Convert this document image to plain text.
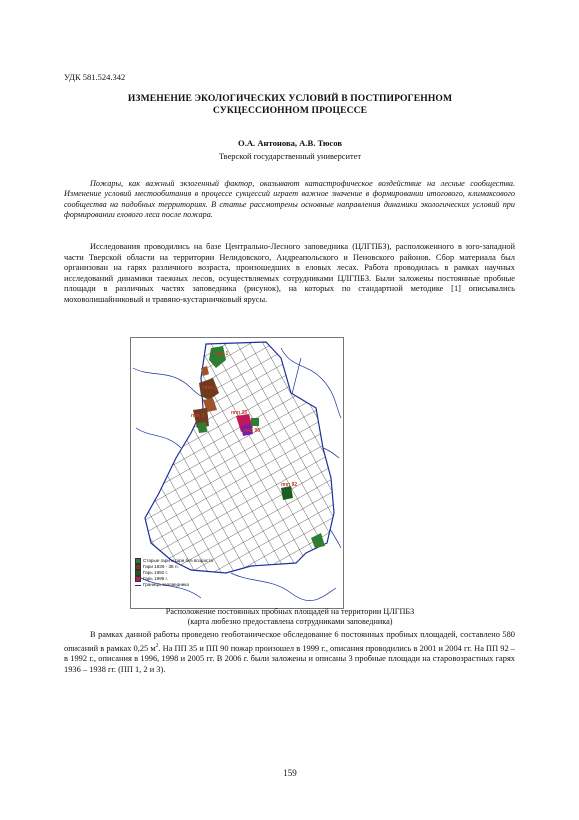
УДК 581.524.342
ИЗМЕНЕНИЕ ЭКОЛОГИЧЕСКИХ УСЛОВИЙ В ПОСТПИРОГЕННОМ
СУКЦЕССИОННОМ ПРОЦЕССЕ
О.А. Антонова, А.В. Тюсов
Тверской государственный университет
Пожары, как важный экзогенный фактор, оказывают катастрофическое воздействие на лесные сообщества. Изменение условий местообитания в процессе сукцессий играет важное значение в формировании итогового, климаксового сообщества на подобных территориях. В статье рассмотрены основные направления динамики экологических условий при формировании елового леса после пожара.
Исследования проводились на базе Центрально-Лесного заповедника (ЦЛГПБЗ), расположенного в юго-западной части Тверской области на территории Нелидовского, Андреапольского и Пеновского районов. Сбор материала был организован на гарях различного возраста, произошедших в еловых лесах. Работа проводилась в рамках научных исследований динамики таежных лесов, осуществляемых сотрудниками ЦЛГПБЗ. Были заложены постоянные пробные площади в различных частях заповедника (рисунок), на которых по стандартной методике [1] описывались моховолишайниковый и травяно-кустарничковый ярусы.
ппп 1
ппп 2
ппп 3	ппп 35
ппп 90
ппп 92
Старые гари и гари без возраста
Гари 1936 - 38 гг.
Гарь 1992 г.
Гарь 1999 г.
Граница заповедника
Расположение постоянных пробных площадей на территории ЦЛГПБЗ
(карта любезно предоставлена сотрудниками заповедника)
В рамках данной работы проведено геоботаническое обследование 6 постоянных пробных площадей, составлено 580 описаний в рамках 0,25 $м^2$. На ПП 35 и ПП 90 пожар произошел в 1999 г., описания проводились в 2001 и 2004 гг. На ПП 92 – в 1992 г., описания в 1996, 1998 и 2005 гг. В 2006 г. были заложены и описаны 3 пробные площади на старовозрастных гарях 1936 – 1938 гг. (ПП 1, 2 и 3).
159
